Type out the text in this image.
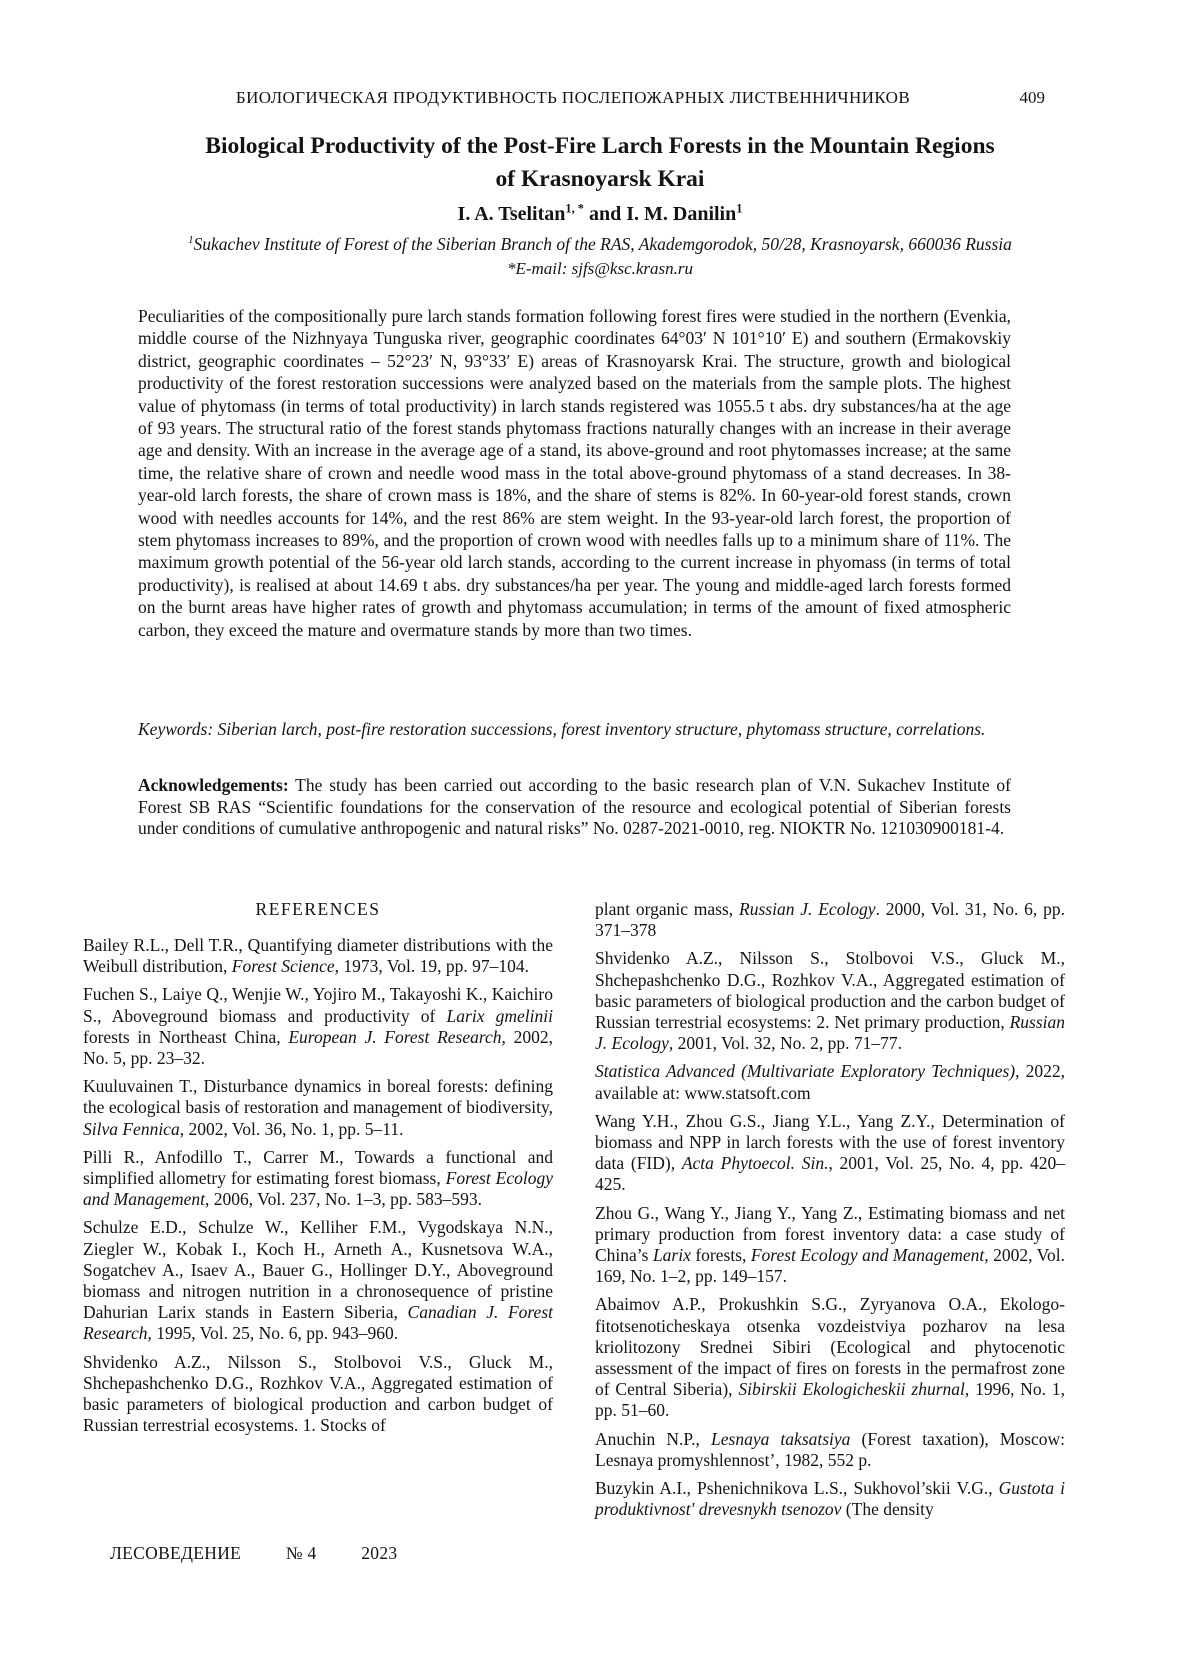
БИОЛОГИЧЕСКАЯ ПРОДУКТИВНОСТЬ ПОСЛЕПОЖАРНЫХ ЛИСТВЕННИЧНИКОВ	409
Biological Productivity of the Post-Fire Larch Forests in the Mountain Regions
of Krasnoyarsk Krai
I. A. Tselitan$^{1, *}$ and I. M. Danilin$^1$
$^1$Sukachev Institute of Forest of the Siberian Branch of the RAS, Akademgorodok, 50/28, Krasnoyarsk, 660036 Russia
*E-mail: sjfs@ksc.krasn.ru

Peculiarities of the compositionally pure larch stands formation following forest fires were studied in the northern (Evenkia, middle course of the Nizhnyaya Tunguska river, geographic coordinates 64°03′ N 101°10′ E) and southern (Ermakovskiy district, geographic coordinates – 52°23′ N, 93°33′ E) areas of Krasnoyarsk Krai. The structure, growth and biological productivity of the forest restoration successions were analyzed based on the materials from the sample plots. The highest value of phytomass (in terms of total productivity) in larch stands registered was 1055.5 t abs. dry substances/ha at the age of 93 years. The structural ratio of the forest stands phytomass fractions naturally changes with an increase in their average age and density. With an increase in the average age of a stand, its above-ground and root phytomasses increase; at the same time, the relative share of crown and needle wood mass in the total above-ground phytomass of a stand decreases. In 38-year-old larch forests, the share of crown mass is 18%, and the share of stems is 82%. In 60-year-old forest stands, crown wood with needles accounts for 14%, and the rest 86% are stem weight. In the 93-year-old larch forest, the proportion of stem phytomass increases to 89%, and the proportion of crown wood with needles falls up to a minimum share of 11%. The maximum growth potential of the 56-year old larch stands, according to the current increase in phyomass (in terms of total productivity), is realised at about 14.69 t abs. dry substances/ha per year. The young and middle-aged larch forests formed on the burnt areas have higher rates of growth and phytomass accumulation; in terms of the amount of fixed atmospheric carbon, they exceed the mature and overmature stands by more than two times.

Keywords: Siberian larch, post-fire restoration successions, forest inventory structure, phytomass structure, correlations.

Acknowledgements: The study has been carried out according to the basic research plan of V.N. Sukachev Institute of Forest SB RAS “Scientific foundations for the conservation of the resource and ecological potential of Siberian forests under conditions of cumulative anthropogenic and natural risks” No. 0287-2021-0010, reg. NIOKTR No. 121030900181-4.

REFERENCES

Bailey R.L., Dell T.R., Quantifying diameter distributions with the Weibull distribution, Forest Science, 1973, Vol. 19, pp. 97–104.

Fuchen S., Laiye Q., Wenjie W., Yojiro M., Takayoshi K., Kaichiro S., Aboveground biomass and productivity of Larix gmelinii forests in Northeast China, European J. Forest Research, 2002, No. 5, pp. 23–32.

Kuuluvainen T., Disturbance dynamics in boreal forests: defining the ecological basis of restoration and management of biodiversity, Silva Fennica, 2002, Vol. 36, No. 1, pp. 5–11.

Pilli R., Anfodillo T., Carrer M., Towards a functional and simplified allometry for estimating forest biomass, Forest Ecology and Management, 2006, Vol. 237, No. 1–3, pp. 583–593.

Schulze E.D., Schulze W., Kelliher F.M., Vygodskaya N.N., Ziegler W., Kobak I., Koch H., Arneth A., Kusnetsova W.A., Sogatchev A., Isaev A., Bauer G., Hollinger D.Y., Aboveground biomass and nitrogen nutrition in a chronosequence of pristine Dahurian Larix stands in Eastern Siberia, Canadian J. Forest Research, 1995, Vol. 25, No. 6, pp. 943–960.

Shvidenko A.Z., Nilsson S., Stolbovoi V.S., Gluck M., Shchepashchenko D.G., Rozhkov V.A., Aggregated estimation of basic parameters of biological production and carbon budget of Russian terrestrial ecosystems. 1. Stocks of

plant organic mass, Russian J. Ecology. 2000, Vol. 31, No. 6, pp. 371–378

Shvidenko A.Z., Nilsson S., Stolbovoi V.S., Gluck M., Shchepashchenko D.G., Rozhkov V.A., Aggregated estimation of basic parameters of biological production and the carbon budget of Russian terrestrial ecosystems: 2. Net primary production, Russian J. Ecology, 2001, Vol. 32, No. 2, pp. 71–77.

Statistica Advanced (Multivariate Exploratory Techniques), 2022, available at: www.statsoft.com

Wang Y.H., Zhou G.S., Jiang Y.L., Yang Z.Y., Determination of biomass and NPP in larch forests with the use of forest inventory data (FID), Acta Phytoecol. Sin., 2001, Vol. 25, No. 4, pp. 420–425.

Zhou G., Wang Y., Jiang Y., Yang Z., Estimating biomass and net primary production from forest inventory data: a case study of China’s Larix forests, Forest Ecology and Management, 2002, Vol. 169, No. 1–2, pp. 149–157.

Abaimov A.P., Prokushkin S.G., Zyryanova O.A., Ekologo-fitotsenoticheskaya otsenka vozdeistviya pozharov na lesa kriolitozony Srednei Sibiri (Ecological and phytocenotic assessment of the impact of fires on forests in the permafrost zone of Central Siberia), Sibirskii Ekologicheskii zhurnal, 1996, No. 1, pp. 51–60.

Anuchin N.P., Lesnaya taksatsiya (Forest taxation), Moscow: Lesnaya promyshlennost’, 1982, 552 p.

Buzykin A.I., Pshenichnikova L.S., Sukhovol’skii V.G., Gustota i produktivnost' drevesnykh tsenozov (The density

ЛЕСОВЕДЕНИЕ	№ 4	2023
